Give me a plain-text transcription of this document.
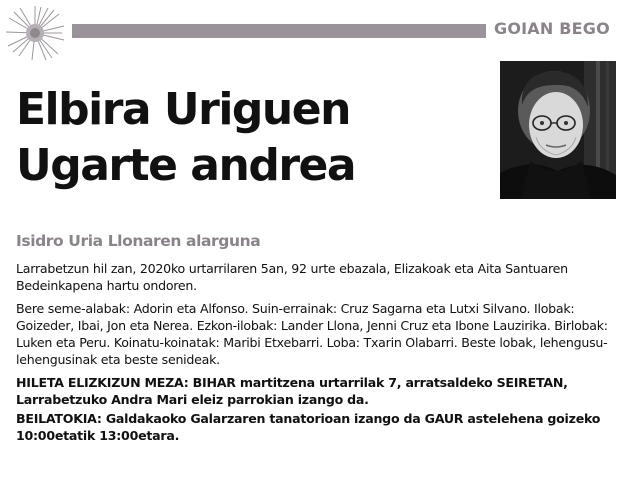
GOIAN BEGO
Elbira Uriguen
Ugarte andrea
Isidro Uria Llonaren alarguna

Larrabetzun hil zan, 2020ko urtarrilaren 5an, 92 urte ebazala, Elizakoak eta Aita Santuaren Bedeinkapena hartu ondoren.

Bere seme-alabak: Adorin eta Alfonso. Suin-errainak: Cruz Sagarna eta Lutxi Silvano. Ilobak: Goizeder, Ibai, Jon eta Nerea. Ezkon-ilobak: Lander Llona, Jenni Cruz eta Ibone Lauzirika. Birlobak: Luken eta Peru. Koinatu-koinatak: Maribi Etxebarri. Loba: Txarin Olabarri. Beste lobak, lehengusu-lehengusinak eta beste senideak.

HILETA ELIZKIZUN MEZA: BIHAR martitzena urtarrilak 7, arratsaldeko SEIRETAN, Larrabetzuko Andra Mari eleiz parrokian izango da.

BEILATOKIA: Galdakaoko Galarzaren tanatorioan izango da GAUR astelehena goizeko 10:00etatik 13:00etara.
